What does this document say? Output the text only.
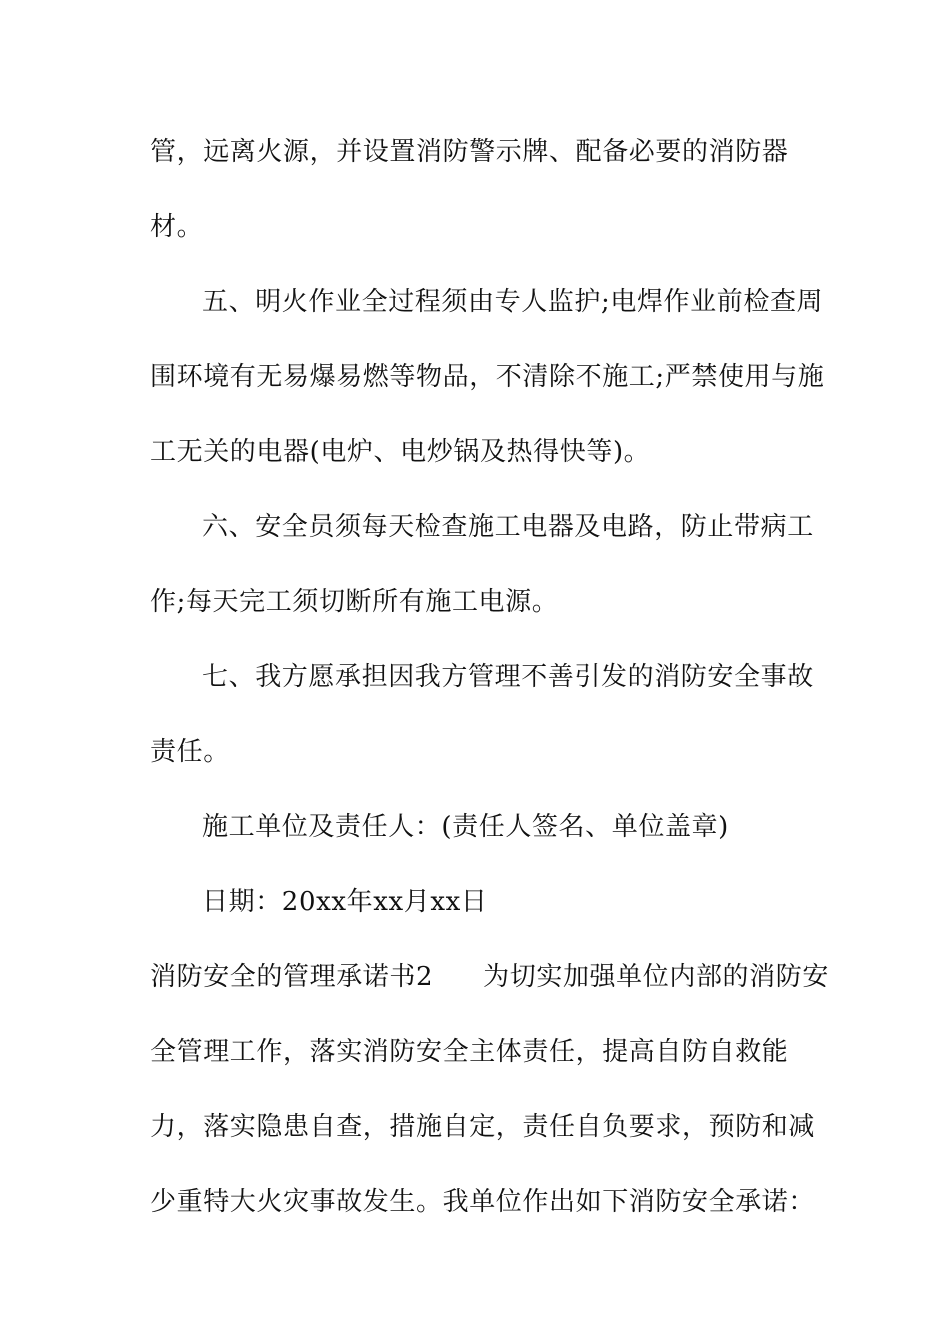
管，远离火源，并设置消防警示牌、配备必要的消防器
材。
五、明火作业全过程须由专人监护;电焊作业前检查周
围环境有无易爆易燃等物品，不清除不施工;严禁使用与施
工无关的电器(电炉、电炒锅及热得快等)。
六、安全员须每天检查施工电器及电路，防止带病工
作;每天完工须切断所有施工电源。
七、我方愿承担因我方管理不善引发的消防安全事故
责任。
施工单位及责任人：(责任人签名、单位盖章)
日期：20xx年xx月xx日
消防安全的管理承诺书2 为切实加强单位内部的消防安
全管理工作，落实消防安全主体责任，提高自防自救能
力，落实隐患自查，措施自定，责任自负要求，预防和减
少重特大火灾事故发生。我单位作出如下消防安全承诺：
